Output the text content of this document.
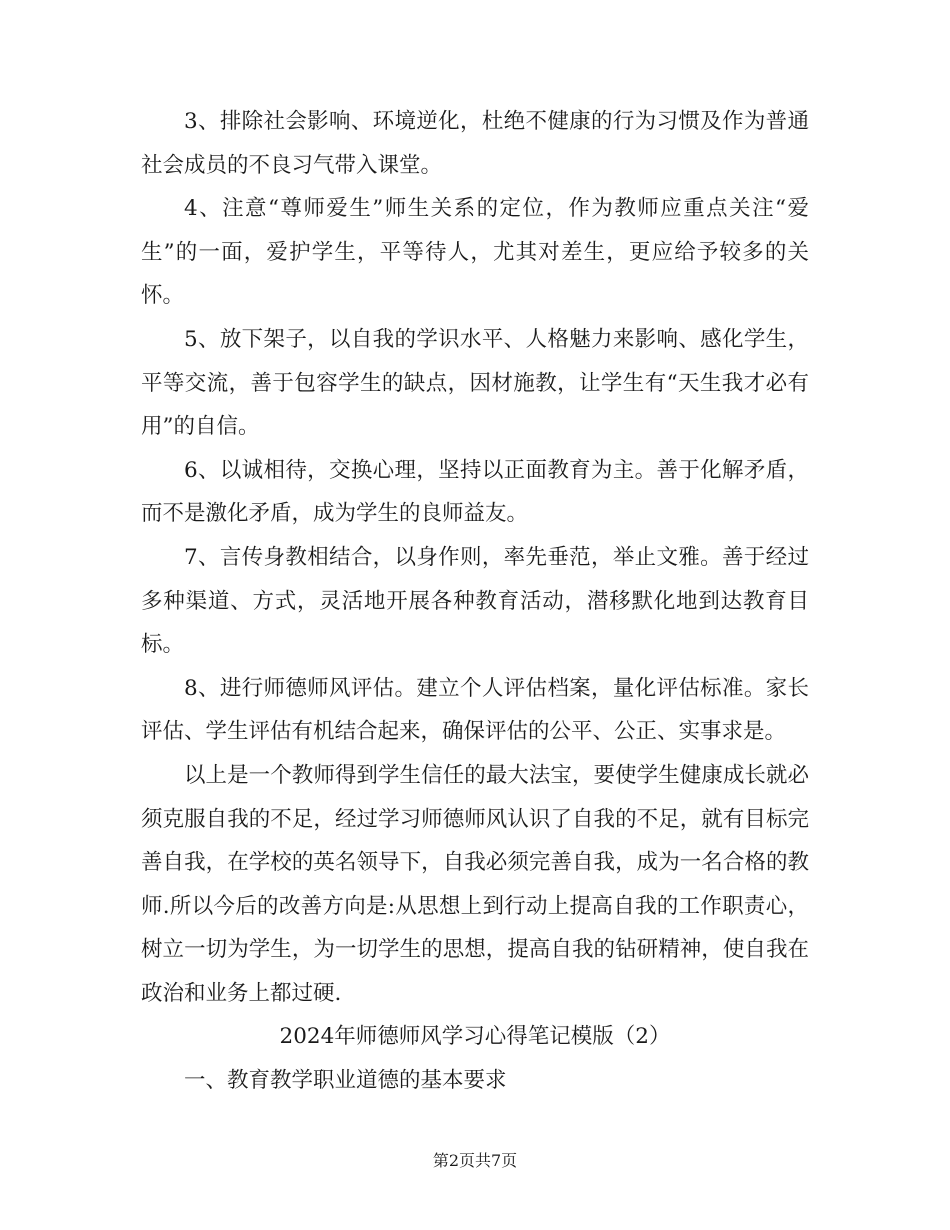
3、排除社会影响、环境逆化，杜绝不健康的行为习惯及作为普通社会成员的不良习气带入课堂。

4、注意“尊师爱生”师生关系的定位，作为教师应重点关注“爱生”的一面，爱护学生，平等待人，尤其对差生，更应给予较多的关怀。

5、放下架子，以自我的学识水平、人格魅力来影响、感化学生，平等交流，善于包容学生的缺点，因材施教，让学生有“天生我才必有用”的自信。

6、以诚相待，交换心理，坚持以正面教育为主。善于化解矛盾，而不是激化矛盾，成为学生的良师益友。

7、言传身教相结合，以身作则，率先垂范，举止文雅。善于经过多种渠道、方式，灵活地开展各种教育活动，潜移默化地到达教育目标。

8、进行师德师风评估。建立个人评估档案，量化评估标准。家长评估、学生评估有机结合起来，确保评估的公平、公正、实事求是。

以上是一个教师得到学生信任的最大法宝，要使学生健康成长就必须克服自我的不足，经过学习师德师风认识了自我的不足，就有目标完善自我，在学校的英名领导下，自我必须完善自我，成为一名合格的教师.所以今后的改善方向是:从思想上到行动上提高自我的工作职责心，树立一切为学生，为一切学生的思想，提高自我的钻研精神，使自我在政治和业务上都过硬.

2024年师德师风学习心得笔记模版（2）

一、教育教学职业道德的基本要求

第2页共7页
